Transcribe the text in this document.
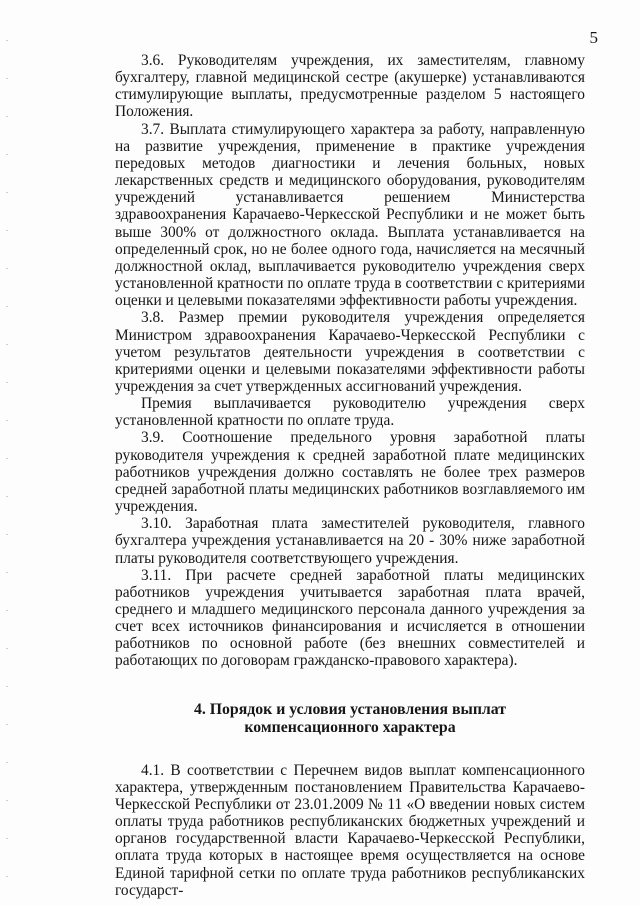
5

3.6. Руководителям учреждения, их заместителям, главному бухгалтеру, главной медицинской сестре (акушерке) устанавливаются стимулирующие выплаты, предусмотренные разделом 5 настоящего Положения.

3.7. Выплата стимулирующего характера за работу, направленную на развитие учреждения, применение в практике учреждения передовых методов диагностики и лечения больных, новых лекарственных средств и медицинского оборудования, руководителям учреждений устанавливается решением Министерства здравоохранения Карачаево-Черкесской Республики и не может быть выше 300% от должностного оклада. Выплата устанавливается на определенный срок, но не более одного года, начисляется на месячный должностной оклад, выплачивается руководителю учреждения сверх установленной кратности по оплате труда в соответствии с критериями оценки и целевыми показателями эффективности работы учреждения.

3.8. Размер премии руководителя учреждения определяется Министром здравоохранения Карачаево-Черкесской Республики с учетом результатов деятельности учреждения в соответствии с критериями оценки и целевыми показателями эффективности работы учреждения за счет утвержденных ассигнований учреждения.

Премия выплачивается руководителю учреждения сверх установленной кратности по оплате труда.

3.9. Соотношение предельного уровня заработной платы руководителя учреждения к средней заработной плате медицинских работников учреждения должно составлять не более трех размеров средней заработной платы медицинских работников возглавляемого им учреждения.

3.10. Заработная плата заместителей руководителя, главного бухгалтера учреждения устанавливается на 20 - 30% ниже заработной платы руководителя соответствующего учреждения.

3.11. При расчете средней заработной платы медицинских работников учреждения учитывается заработная плата врачей, среднего и младшего медицинского персонала данного учреждения за счет всех источников финансирования и исчисляется в отношении работников по основной работе (без внешних совместителей и работающих по договорам гражданско-правового характера).

4. Порядок и условия установления выплат
компенсационного характера

4.1. В соответствии с Перечнем видов выплат компенсационного характера, утвержденным постановлением Правительства Карачаево-Черкесской Республики от 23.01.2009 № 11 «О введении новых систем оплаты труда работников республиканских бюджетных учреждений и органов государственной власти Карачаево-Черкесской Республики, оплата труда которых в настоящее время осуществляется на основе Единой тарифной сетки по оплате труда работников республиканских государст-
